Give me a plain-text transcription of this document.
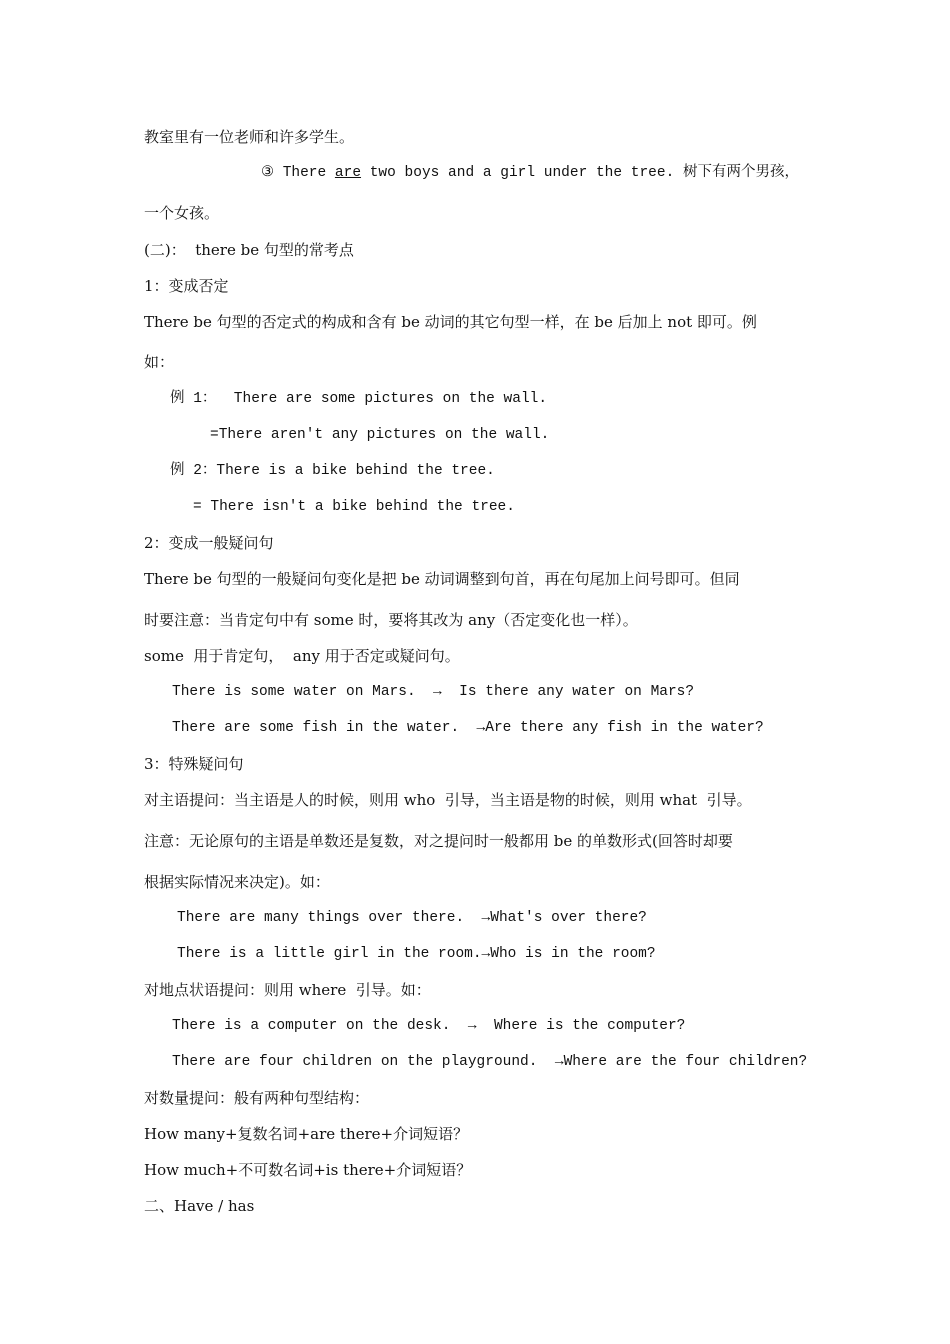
教室里有一位老师和许多学生。
③ There are two boys and a girl under the tree. 树下有两个男孩，
一个女孩。
(二)：  there be 句型的常考点
1：变成否定
There be 句型的否定式的构成和含有 be 动词的其它句型一样，在 be 后加上 not 即可。例
如：
例 1：  There are some pictures on the wall.
=There aren't any pictures on the wall.
例 2：There is a bike behind the tree.
= There isn't a bike behind the tree.
2：变成一般疑问句
There be 句型的一般疑问句变化是把 be 动词调整到句首，再在句尾加上问号即可。但同
时要注意：当肯定句中有 some 时，要将其改为 any（否定变化也一样）。
some  用于肯定句，  any 用于否定或疑问句。
There is some water on Mars.  →  Is there any water on Mars?
There are some fish in the water.  →Are there any fish in the water?
3：特殊疑问句
对主语提问：当主语是人的时候，则用 who  引导，当主语是物的时候，则用 what  引导。
注意：无论原句的主语是单数还是复数，对之提问时一般都用 be 的单数形式(回答时却要
根据实际情况来决定)。如：
There are many things over there.  →What's over there?
There is a little girl in the room.→Who is in the room?
对地点状语提问：则用 where  引导。如：
There is a computer on the desk.  →  Where is the computer?
There are four children on the playground.  →Where are the four children?
对数量提问：般有两种句型结构：
How many+复数名词+are there+介词短语？
How much+不可数名词+is there+介词短语？
二、Have / has
